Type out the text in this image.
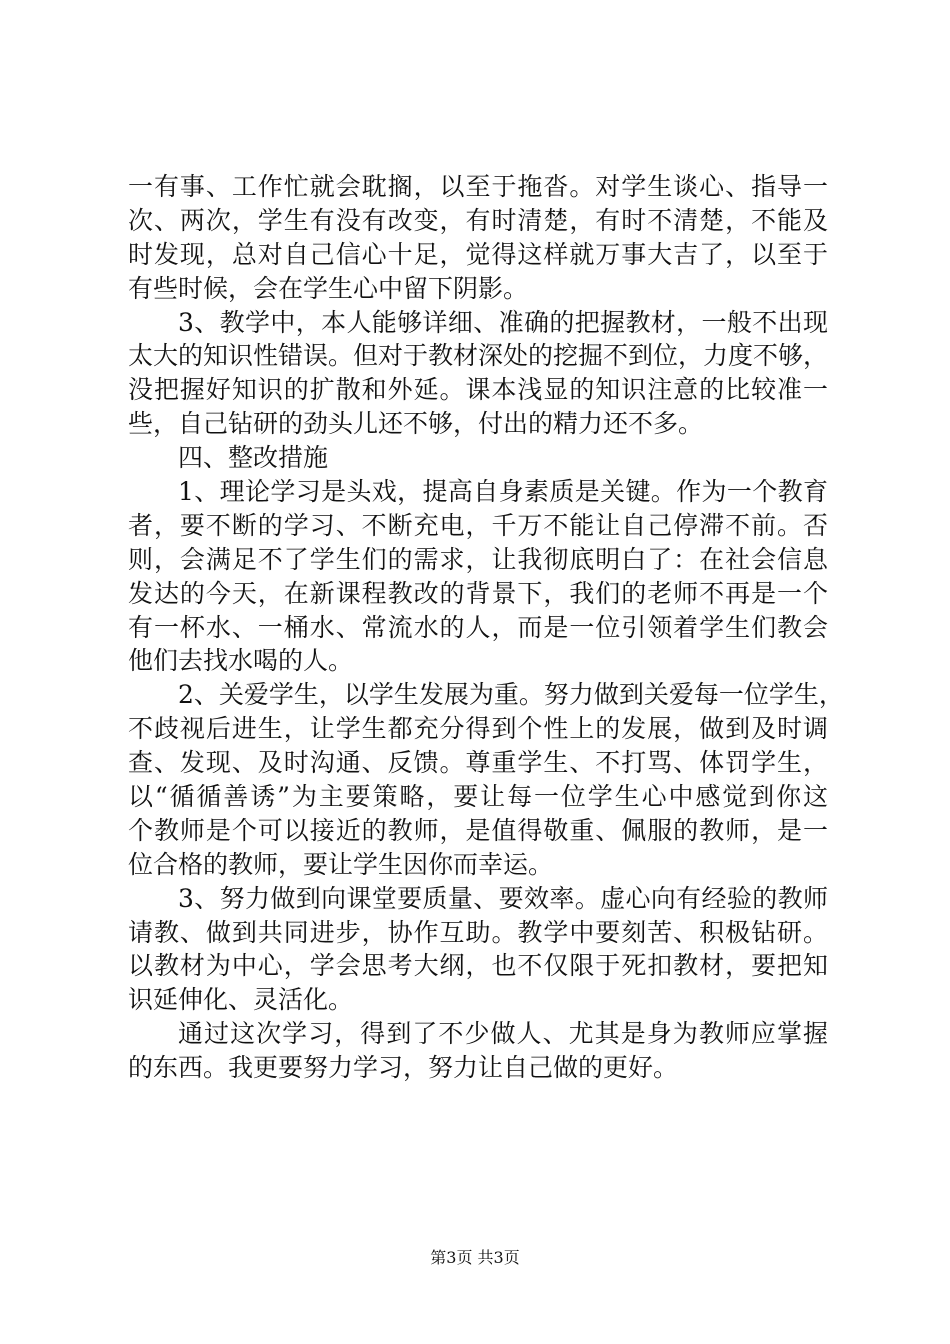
一有事、工作忙就会耽搁，以至于拖沓。对学生谈心、指导一
次、两次，学生有没有改变，有时清楚，有时不清楚，不能及
时发现，总对自己信心十足，觉得这样就万事大吉了，以至于
有些时候，会在学生心中留下阴影。
3、教学中，本人能够详细、准确的把握教材，一般不出现
太大的知识性错误。但对于教材深处的挖掘不到位，力度不够，
没把握好知识的扩散和外延。课本浅显的知识注意的比较准一
些，自己钻研的劲头儿还不够，付出的精力还不多。
四、整改措施
1、理论学习是头戏，提高自身素质是关键。作为一个教育
者，要不断的学习、不断充电，千万不能让自己停滞不前。否
则，会满足不了学生们的需求，让我彻底明白了：在社会信息
发达的今天，在新课程教改的背景下，我们的老师不再是一个
有一杯水、一桶水、常流水的人，而是一位引领着学生们教会
他们去找水喝的人。
2、关爱学生，以学生发展为重。努力做到关爱每一位学生，
不歧视后进生，让学生都充分得到个性上的发展，做到及时调
查、发现、及时沟通、反馈。尊重学生、不打骂、体罚学生，
以“循循善诱”为主要策略，要让每一位学生心中感觉到你这
个教师是个可以接近的教师，是值得敬重、佩服的教师，是一
位合格的教师，要让学生因你而幸运。
3、努力做到向课堂要质量、要效率。虚心向有经验的教师
请教、做到共同进步，协作互助。教学中要刻苦、积极钻研。
以教材为中心，学会思考大纲，也不仅限于死扣教材，要把知
识延伸化、灵活化。
通过这次学习，得到了不少做人、尤其是身为教师应掌握
的东西。我更要努力学习，努力让自己做的更好。
第3页 共3页
